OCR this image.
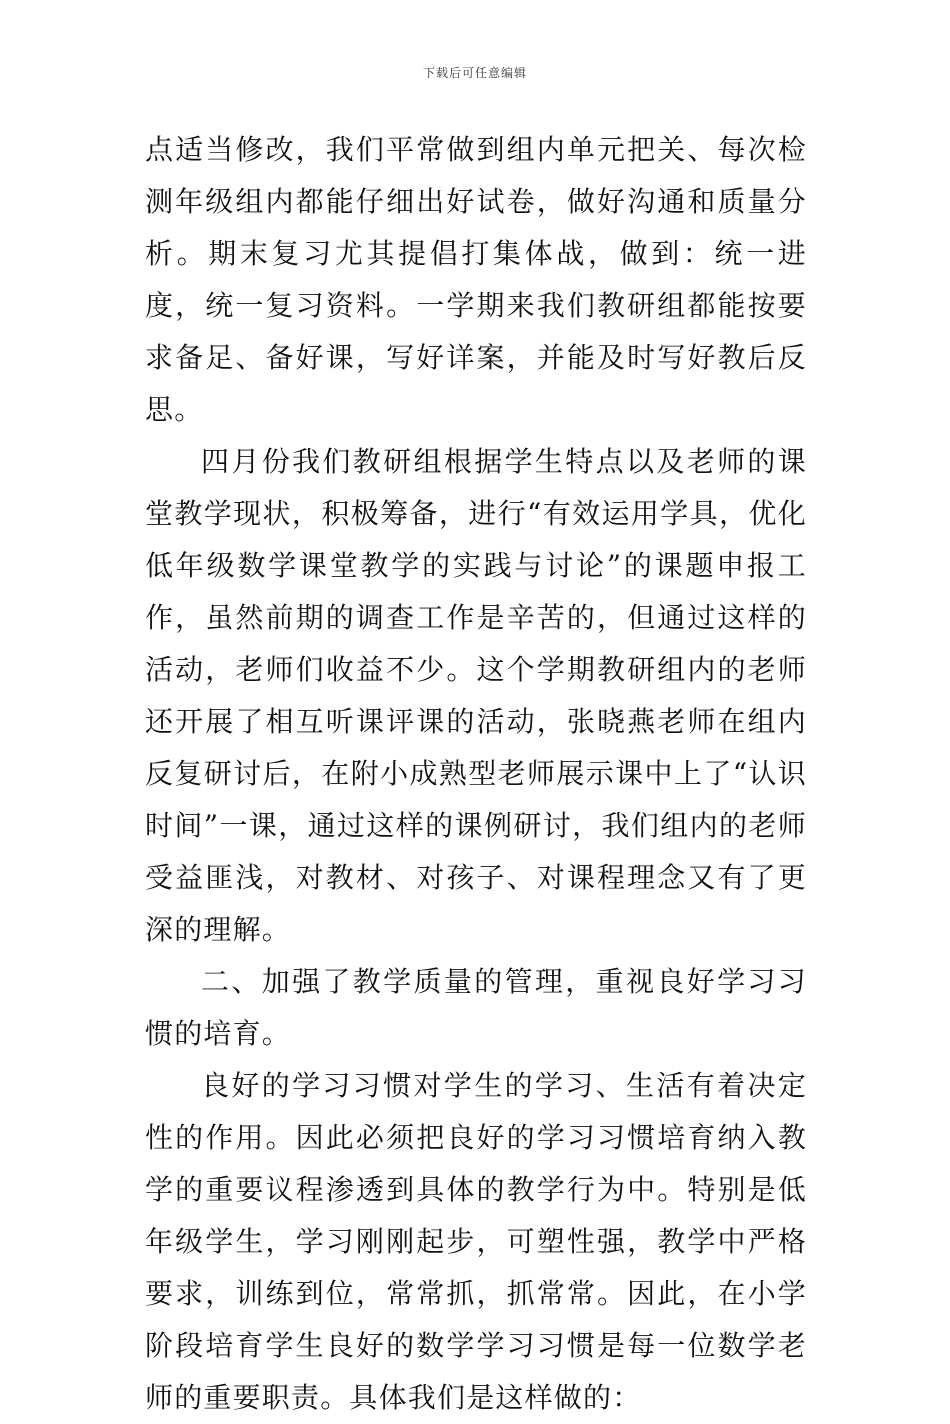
下载后可任意编辑

点适当修改，我们平常做到组内单元把关、每次检测年级组内都能仔细出好试卷，做好沟通和质量分析。期末复习尤其提倡打集体战，做到：统一进度，统一复习资料。一学期来我们教研组都能按要求备足、备好课，写好详案，并能及时写好教后反思。

四月份我们教研组根据学生特点以及老师的课堂教学现状，积极筹备，进行“有效运用学具，优化低年级数学课堂教学的实践与讨论”的课题申报工作，虽然前期的调查工作是辛苦的，但通过这样的活动，老师们收益不少。这个学期教研组内的老师还开展了相互听课评课的活动，张晓燕老师在组内反复研讨后，在附小成熟型老师展示课中上了“认识时间”一课，通过这样的课例研讨，我们组内的老师受益匪浅，对教材、对孩子、对课程理念又有了更深的理解。

二、加强了教学质量的管理，重视良好学习习惯的培育。

良好的学习习惯对学生的学习、生活有着决定性的作用。因此必须把良好的学习习惯培育纳入教学的重要议程渗透到具体的教学行为中。特别是低年级学生，学习刚刚起步，可塑性强，教学中严格要求，训练到位，常常抓，抓常常。因此，在小学阶段培育学生良好的数学学习习惯是每一位数学老师的重要职责。具体我们是这样做的：
